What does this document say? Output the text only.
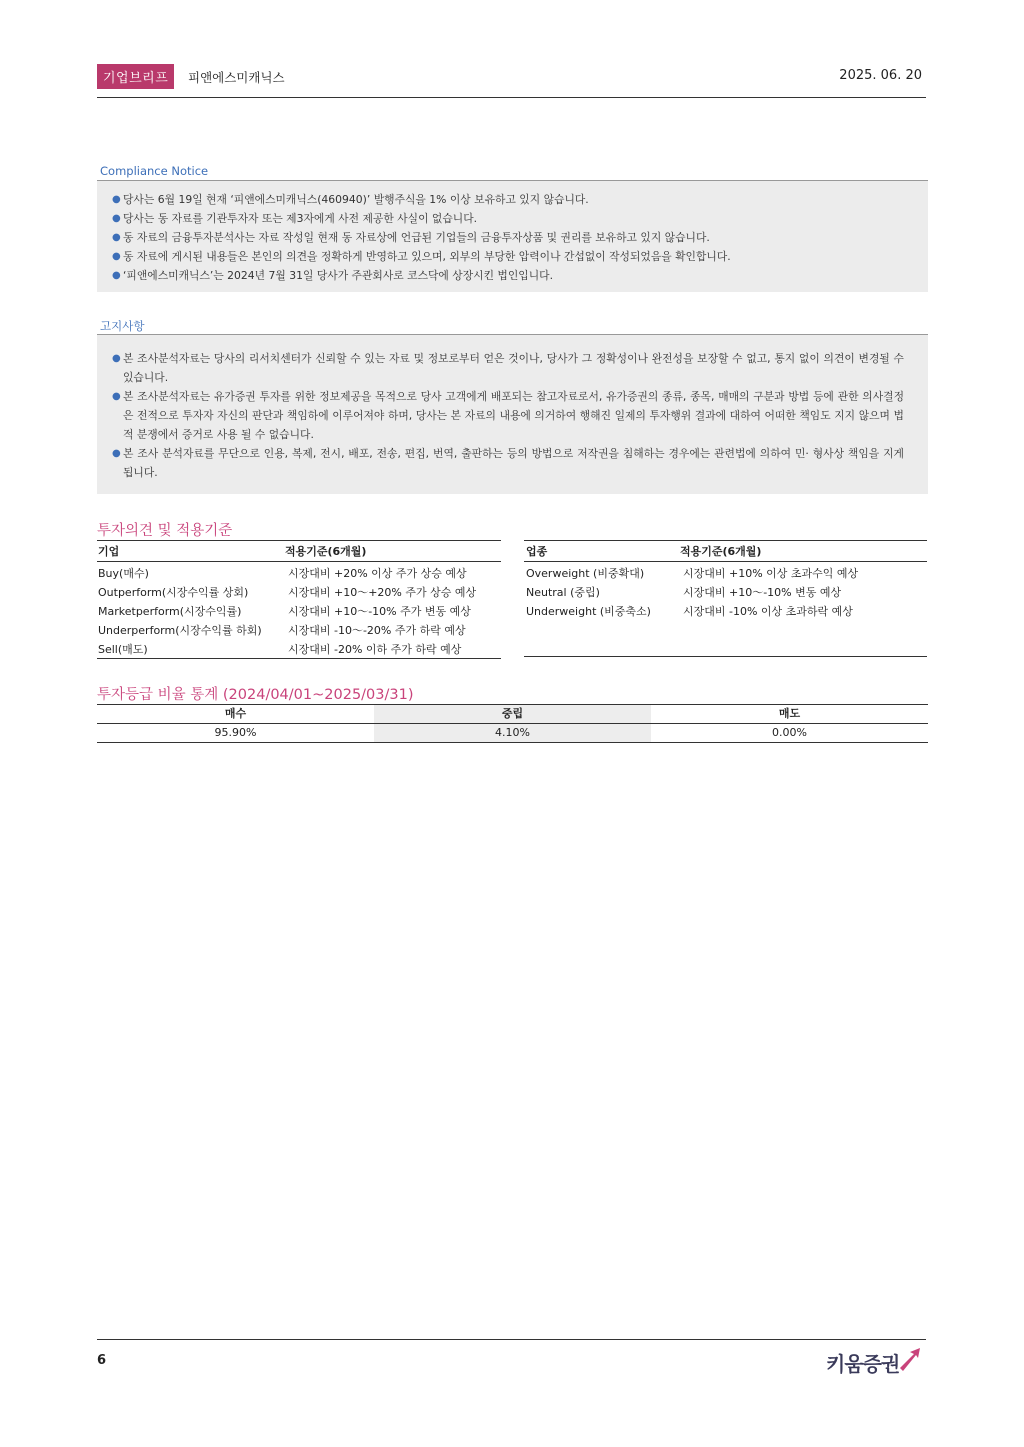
기업브리프	피앤에스미캐닉스	2025. 06. 20
Compliance Notice
● 당사는 6월 19일 현재 ‘피앤에스미캐닉스(460940)’ 발행주식을 1% 이상 보유하고 있지 않습니다.
● 당사는 동 자료를 기관투자자 또는 제3자에게 사전 제공한 사실이 없습니다.
● 동 자료의 금융투자분석사는 자료 작성일 현재 동 자료상에 언급된 기업들의 금융투자상품 및 권리를 보유하고 있지 않습니다.
● 동 자료에 게시된 내용들은 본인의 의견을 정확하게 반영하고 있으며, 외부의 부당한 압력이나 간섭없이 작성되었음을 확인합니다.
● ‘피앤에스미캐닉스’는 2024년 7월 31일 당사가 주관회사로 코스닥에 상장시킨 법인입니다.
고지사항
● 본 조사분석자료는 당사의 리서치센터가 신뢰할 수 있는 자료 및 정보로부터 얻은 것이나, 당사가 그 정확성이나 완전성을 보장할 수 없고, 통지 없이 의견이 변경될 수 있습니다.
● 본 조사분석자료는 유가증권 투자를 위한 정보제공을 목적으로 당사 고객에게 배포되는 참고자료로서, 유가증권의 종류, 종목, 매매의 구분과 방법 등에 관한 의사결정은 전적으로 투자자 자신의 판단과 책임하에 이루어져야 하며, 당사는 본 자료의 내용에 의거하여 행해진 일제의 투자행위 결과에 대하여 어떠한 책임도 지지 않으며 법적 분쟁에서 증거로 사용 될 수 없습니다.
● 본 조사 분석자료를 무단으로 인용, 복제, 전시, 배포, 전송, 편집, 번역, 출판하는 등의 방법으로 저작권을 침해하는 경우에는 관련법에 의하여 민· 형사상 책임을 지게 됩니다.
투자의견 및 적용기준
기업	적용기준(6개월)
Buy(매수)	시장대비 +20% 이상 주가 상승 예상
Outperform(시장수익률 상회)	시장대비 +10～+20% 주가 상승 예상
Marketperform(시장수익률)	시장대비 +10～-10% 주가 변동 예상
Underperform(시장수익률 하회)	시장대비 -10～-20% 주가 하락 예상
Sell(매도)	시장대비 -20% 이하 주가 하락 예상
업종	적용기준(6개월)
Overweight (비중확대)	시장대비 +10% 이상 초과수익 예상
Neutral (중립)	시장대비 +10～-10% 변동 예상
Underweight (비중축소)	시장대비 -10% 이상 초과하락 예상
투자등급 비율 통계 (2024/04/01~2025/03/31)
매수	중립	매도
95.90%	4.10%	0.00%
6	키움증권
